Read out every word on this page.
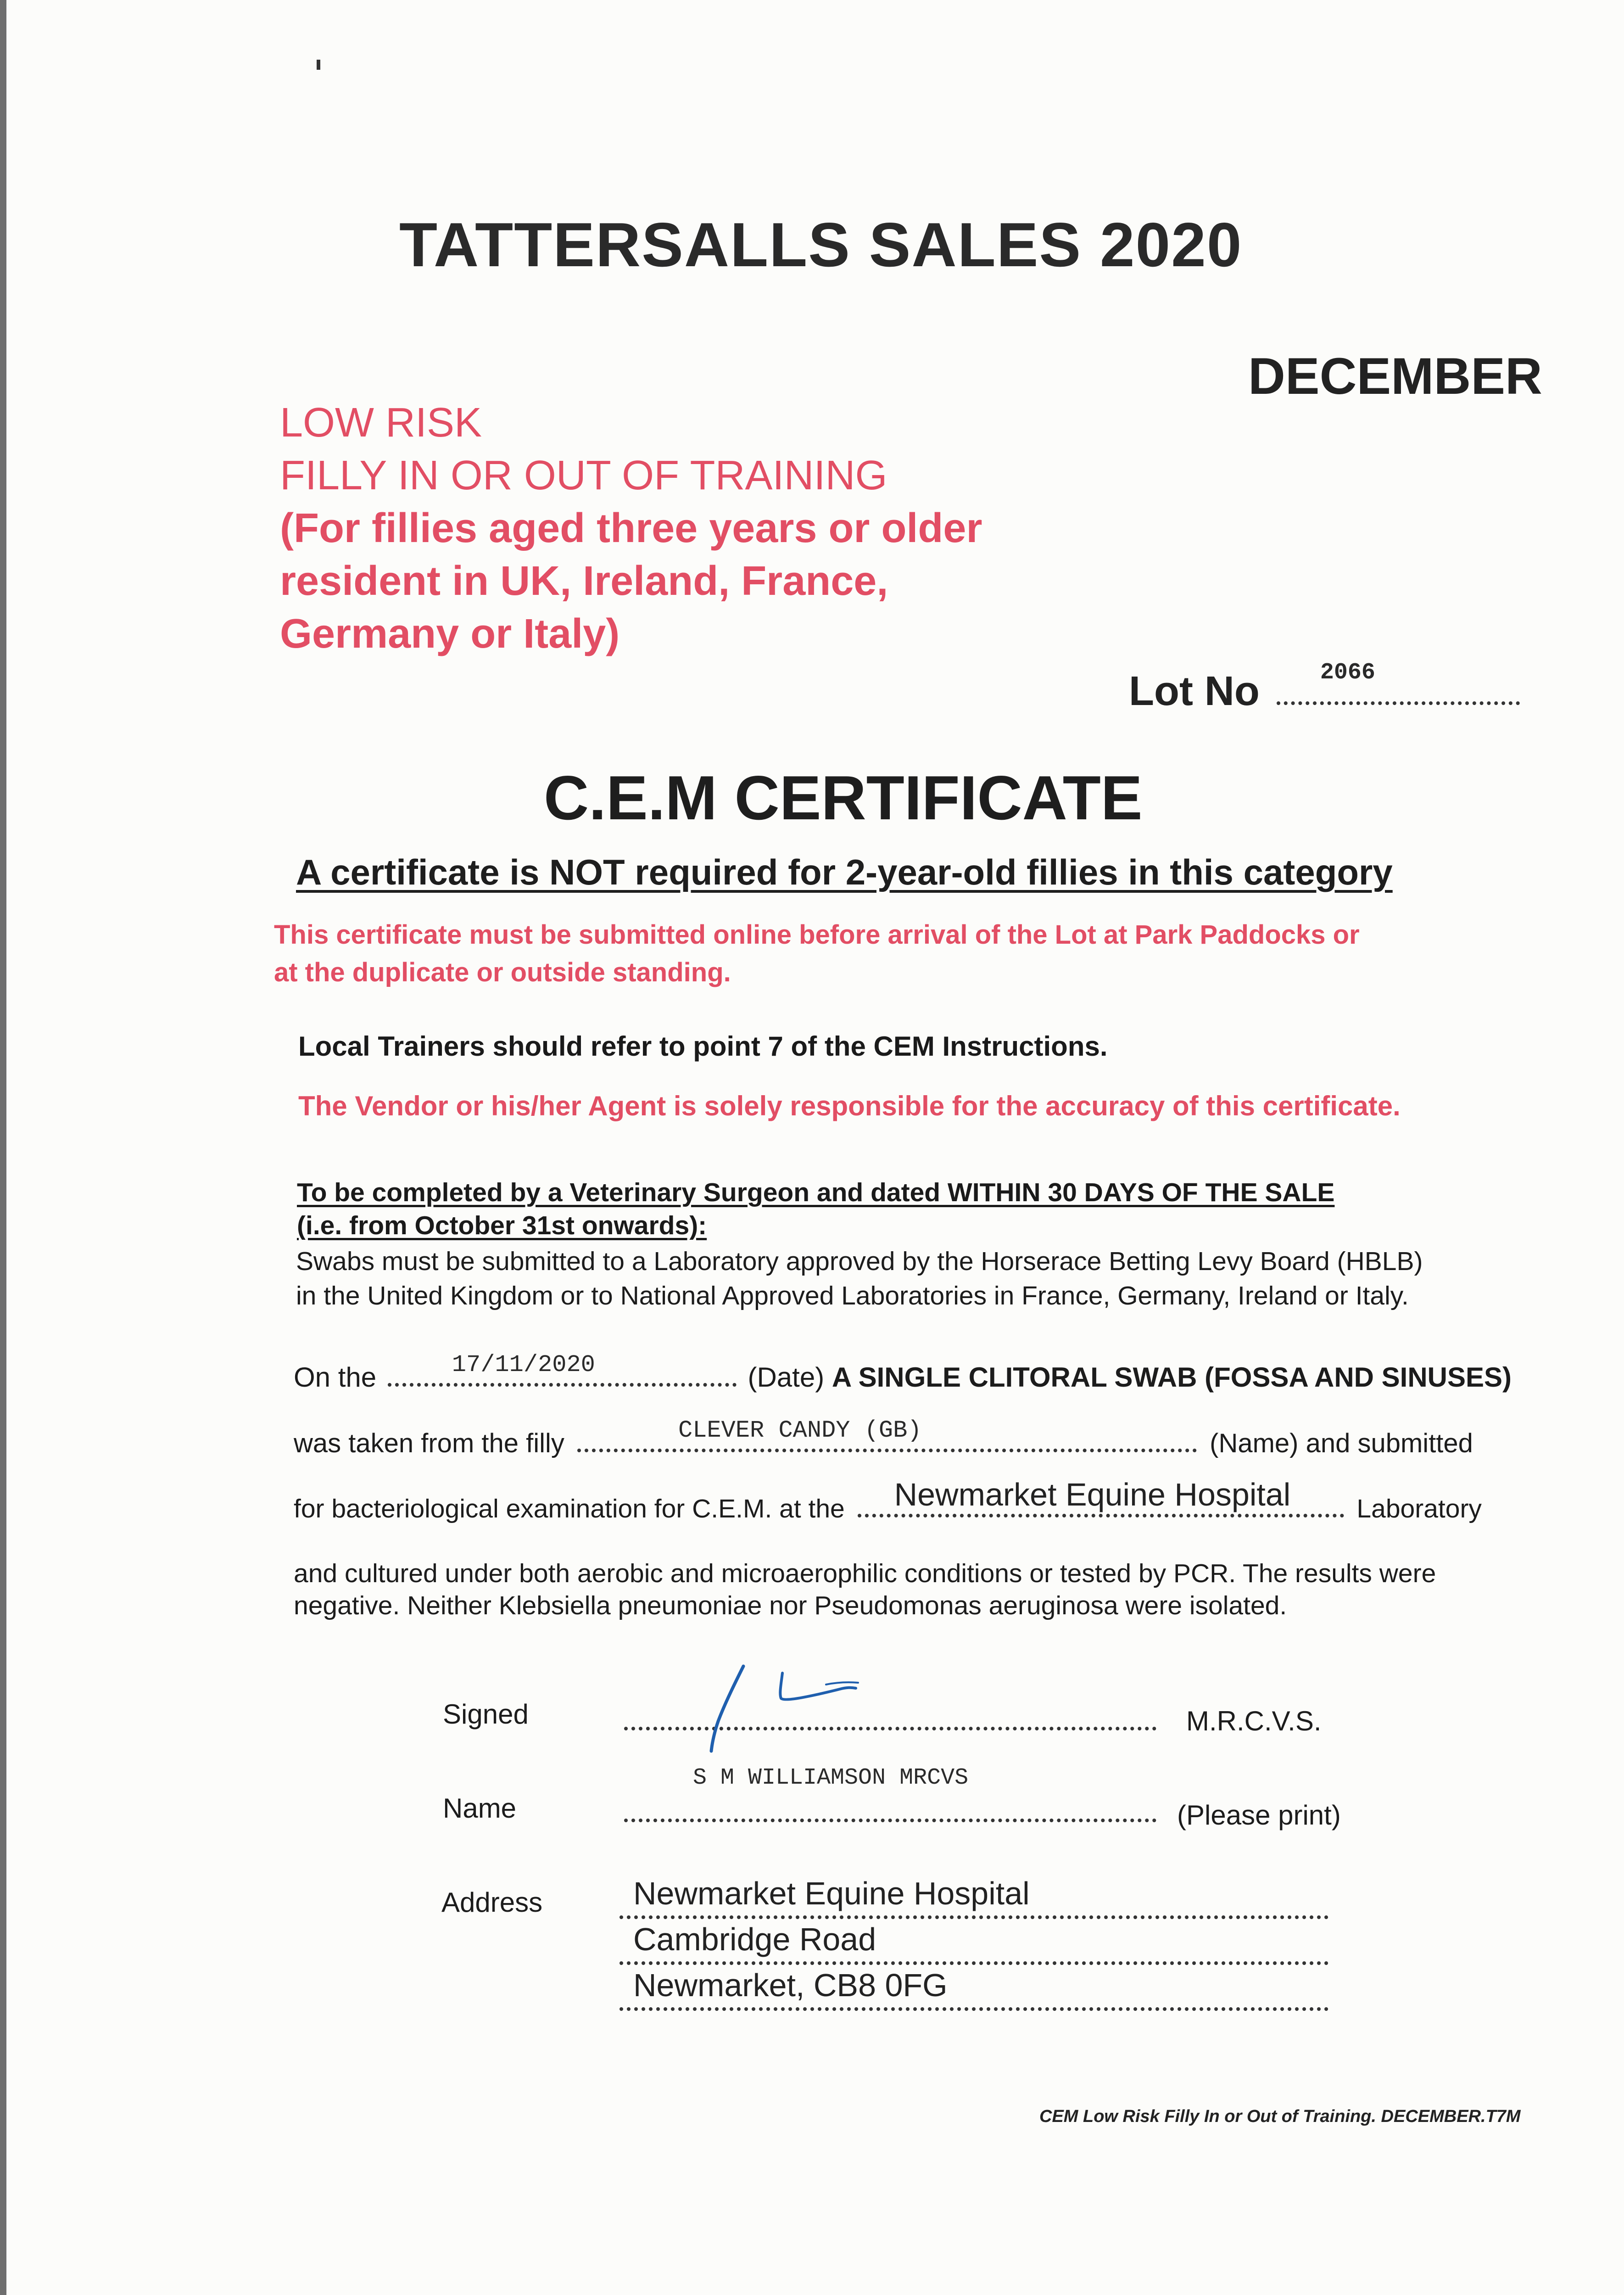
TATTERSALLS SALES 2020
DECEMBER
LOW RISK
FILLY IN OR OUT OF TRAINING
(For fillies aged three years or older
resident in UK, Ireland, France,
Germany or Italy)
Lot No	2066
C.E.M CERTIFICATE
A certificate is NOT required for 2-year-old fillies in this category
This certificate must be submitted online before arrival of the Lot at Park Paddocks or
at the duplicate or outside standing.
Local Trainers should refer to point 7 of the CEM Instructions.
The Vendor or his/her Agent is solely responsible for the accuracy of this certificate.
To be completed by a Veterinary Surgeon and dated WITHIN 30 DAYS OF THE SALE
(i.e. from October 31st onwards):
Swabs must be submitted to a Laboratory approved by the Horserace Betting Levy Board (HBLB)
in the United Kingdom or to National Approved Laboratories in France, Germany, Ireland or Italy.
On the	17/11/2020	(Date) A SINGLE CLITORAL SWAB (FOSSA AND SINUSES)
was taken from the filly	CLEVER CANDY (GB)	(Name) and submitted
for bacteriological examination for C.E.M. at the Newmarket Equine Hospital	Laboratory
and cultured under both aerobic and microaerophilic conditions or tested by PCR. The results were
negative. Neither Klebsiella pneumoniae nor Pseudomonas aeruginosa were isolated.
Signed	M.R.C.V.S.
Name
S M WILLIAMSON MRCVS
(Please print)
Address	Newmarket Equine Hospital
Cambridge Road
Newmarket, CB8 0FG
CEM Low Risk Filly In or Out of Training. DECEMBER.T7M
